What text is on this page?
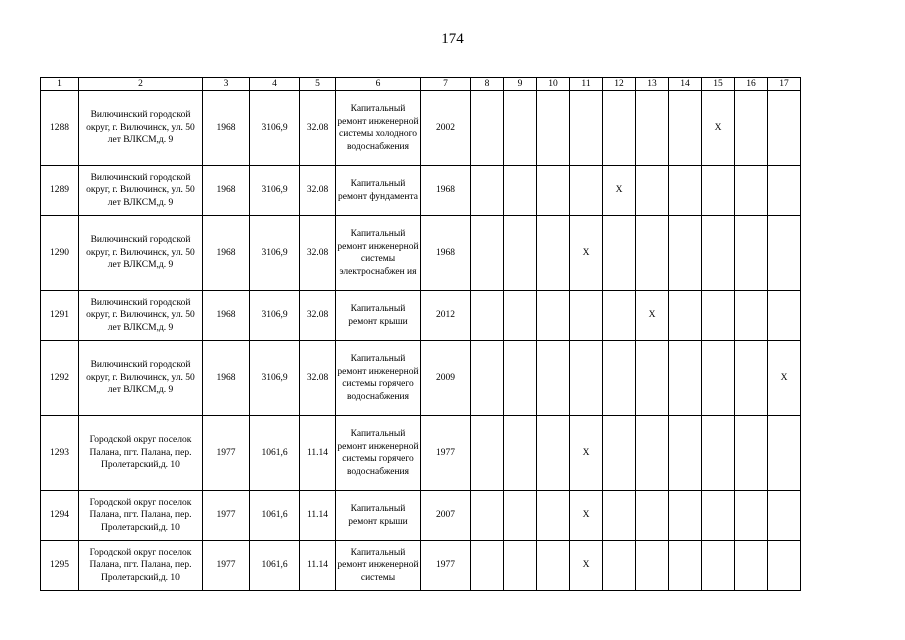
174
1	2	3	4	5	6	7	8	9	10	11	12	13	14	15	16	17

1288	Вилючинский городской округ, г. Вилючинск, ул. 50 лет ВЛКСМ,д. 9	1968	3106,9	32.08	Капитальный ремонт инженерной системы холодного водоснабжения	2002								X		

1289	Вилючинский городской округ, г. Вилючинск, ул. 50 лет ВЛКСМ,д. 9	1968	3106,9	32.08	Капитальный ремонт фундамента	1968					X					

1290	Вилючинский городской округ, г. Вилючинск, ул. 50 лет ВЛКСМ,д. 9	1968	3106,9	32.08	Капитальный ремонт инженерной системы электроснабжен ия	1968				X						

1291	Вилючинский городской округ, г. Вилючинск, ул. 50 лет ВЛКСМ,д. 9	1968	3106,9	32.08	Капитальный ремонт крыши	2012						X				

1292	Вилючинский городской округ, г. Вилючинск, ул. 50 лет ВЛКСМ,д. 9	1968	3106,9	32.08	Капитальный ремонт инженерной системы горячего водоснабжения	2009										X

1293	Городской округ поселок Палана, пгт. Палана, пер. Пролетарский,д. 10	1977	1061,6	11.14	Капитальный ремонт инженерной системы горячего водоснабжения	1977				X						

1294	Городской округ поселок Палана, пгт. Палана, пер. Пролетарский,д. 10	1977	1061,6	11.14	Капитальный ремонт крыши	2007				X						

1295	Городской округ поселок Палана, пгт. Палана, пер. Пролетарский,д. 10	1977	1061,6	11.14	Капитальный ремонт инженерной системы	1977				X						
